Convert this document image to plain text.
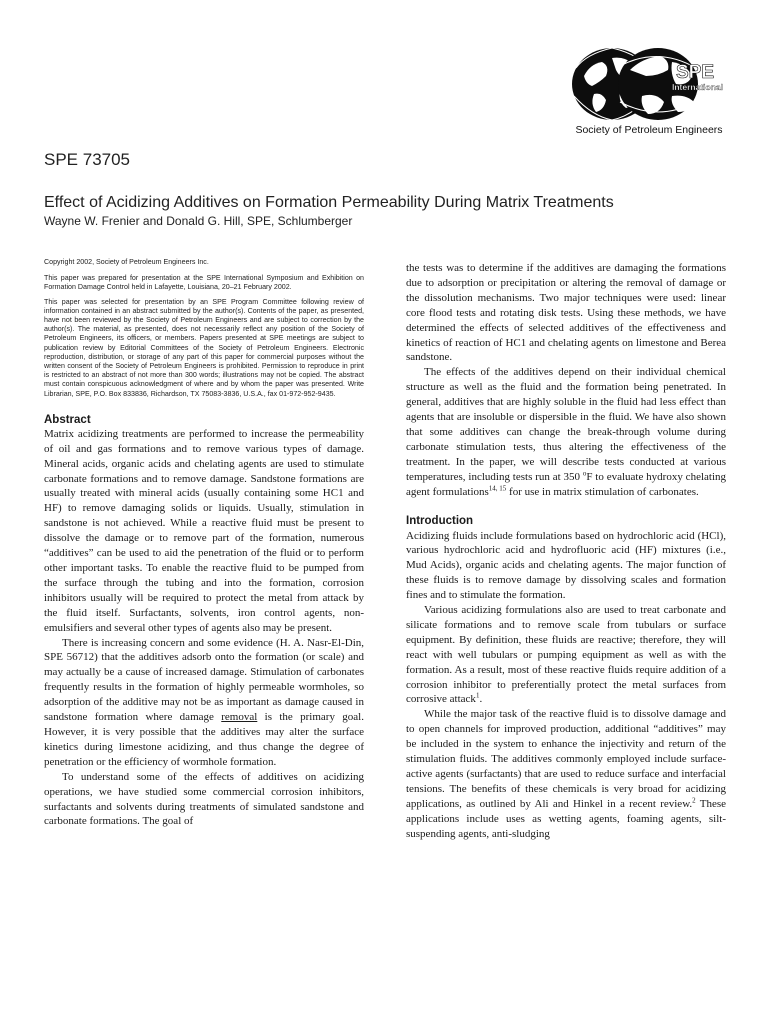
SPE
International
Society of Petroleum Engineers
SPE 73705
Effect of Acidizing Additives on Formation Permeability During Matrix Treatments
Wayne W. Frenier and Donald G. Hill, SPE, Schlumberger

Copyright 2002, Society of Petroleum Engineers Inc.

This paper was prepared for presentation at the SPE International Symposium and Exhibition on Formation Damage Control held in Lafayette, Louisiana, 20–21 February 2002.

This paper was selected for presentation by an SPE Program Committee following review of information contained in an abstract submitted by the author(s). Contents of the paper, as presented, have not been reviewed by the Society of Petroleum Engineers and are subject to correction by the author(s). The material, as presented, does not necessarily reflect any position of the Society of Petroleum Engineers, its officers, or members. Papers presented at SPE meetings are subject to publication review by Editorial Committees of the Society of Petroleum Engineers. Electronic reproduction, distribution, or storage of any part of this paper for commercial purposes without the written consent of the Society of Petroleum Engineers is prohibited. Permission to reproduce in print is restricted to an abstract of not more than 300 words; illustrations may not be copied. The abstract must contain conspicuous acknowledgment of where and by whom the paper was presented. Write Librarian, SPE, P.O. Box 833836, Richardson, TX 75083-3836, U.S.A., fax 01-972-952-9435.

Abstract

Matrix acidizing treatments are performed to increase the permeability of oil and gas formations and to remove various types of damage. Mineral acids, organic acids and chelating agents are used to stimulate carbonate formations and to remove damage. Sandstone formations are usually treated with mineral acids (usually containing some HC1 and HF) to remove damaging solids or liquids. Usually, stimulation in sandstone is not achieved. While a reactive fluid must be present to dissolve the damage or to remove part of the formation, numerous “additives” can be used to aid the penetration of the fluid or to perform other important tasks. To enable the reactive fluid to be pumped from the surface through the tubing and into the formation, corrosion inhibitors usually will be required to protect the metal from attack by the fluid itself. Surfactants, solvents, iron control agents, non-emulsifiers and several other types of agents also may be present.

There is increasing concern and some evidence (H. A. Nasr-El-Din, SPE 56712) that the additives adsorb onto the formation (or scale) and may actually be a cause of increased damage. Stimulation of carbonates frequently results in the formation of highly permeable wormholes, so adsorption of the additive may not be as important as damage caused in sandstone formation where damage removal is the primary goal. However, it is very possible that the additives may alter the surface kinetics during limestone acidizing, and thus change the degree of penetration or the efficiency of wormhole formation.

To understand some of the effects of additives on acidizing operations, we have studied some commercial corrosion inhibitors, surfactants and solvents during treatments of simulated sandstone and carbonate formations. The goal of

the tests was to determine if the additives are damaging the formations due to adsorption or precipitation or altering the removal of damage or the dissolution mechanisms. Two major techniques were used: linear core flood tests and rotating disk tests. Using these methods, we have determined the effects of selected additives of the effectiveness and kinetics of reaction of HC1 and chelating agents on limestone and Berea sandstone.

The effects of the additives depend on their individual chemical structure as well as the fluid and the formation being penetrated. In general, additives that are highly soluble in the fluid had less effect than agents that are insoluble or dispersible in the fluid. We have also shown that some additives can change the break-through volume during carbonate stimulation tests, thus altering the effectiveness of the treatment. In the paper, we will describe tests conducted at various temperatures, including tests run at 350 $^o$F to evaluate hydroxy chelating agent formulations$^{14, 15}$ for use in matrix stimulation of carbonates.

Introduction

Acidizing fluids include formulations based on hydrochloric acid (HCl), various hydrochloric acid and hydrofluoric acid (HF) mixtures (i.e., Mud Acids), organic acids and chelating agents. The major function of these fluids is to remove damage by dissolving scales and formation fines and to stimulate the formation.

Various acidizing formulations also are used to treat carbonate and silicate formations and to remove scale from tubulars or surface equipment. By definition, these fluids are reactive; therefore, they will react with well tubulars or pumping equipment as well as with the formation. As a result, most of these reactive fluids require addition of a corrosion inhibitor to preferentially protect the metal surfaces from corrosive attack$^1$.

While the major task of the reactive fluid is to dissolve damage and to open channels for improved production, additional “additives” may be included in the system to enhance the injectivity and return of the stimulation fluids. The additives commonly employed include surface-active agents (surfactants) that are used to reduce surface and interfacial tensions. The benefits of these chemicals is very broad for acidizing applications, as outlined by Ali and Hinkel in a recent review.$^2$ These applications include uses as wetting agents, foaming agents, silt-suspending agents, anti-sludging
